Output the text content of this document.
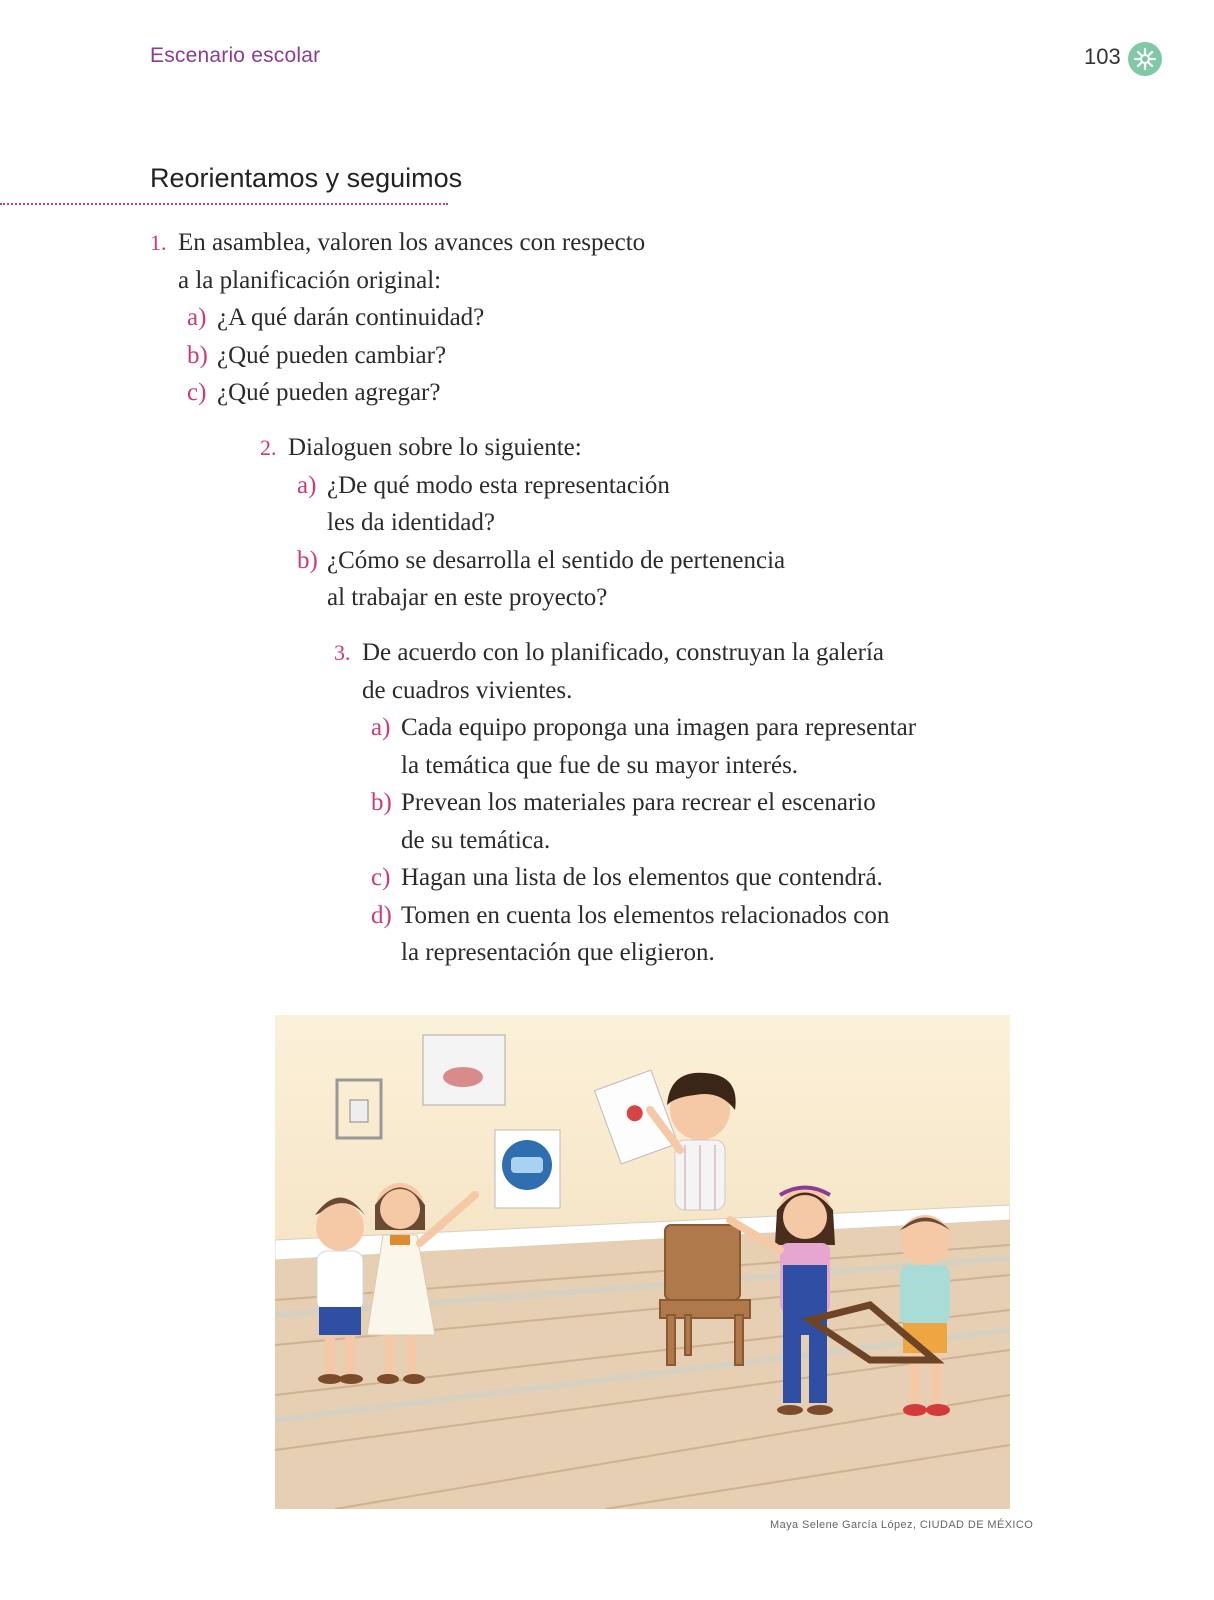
Escenario escolar	103
Reorientamos y seguimos
1. En asamblea, valoren los avances con respecto
a la planificación original:
a) ¿A qué darán continuidad?
b) ¿Qué pueden cambiar?
c) ¿Qué pueden agregar?
2. Dialoguen sobre lo siguiente:
a) ¿De qué modo esta representación
les da identidad?
b) ¿Cómo se desarrolla el sentido de pertenencia
al trabajar en este proyecto?
3. De acuerdo con lo planificado, construyan la galería
de cuadros vivientes.
a) Cada equipo proponga una imagen para representar
la temática que fue de su mayor interés.
b) Prevean los materiales para recrear el escenario
de su temática.
c) Hagan una lista de los elementos que contendrá.
d) Tomen en cuenta los elementos relacionados con
la representación que eligieron.
Maya Selene García López, CIUDAD DE MÉXICO
